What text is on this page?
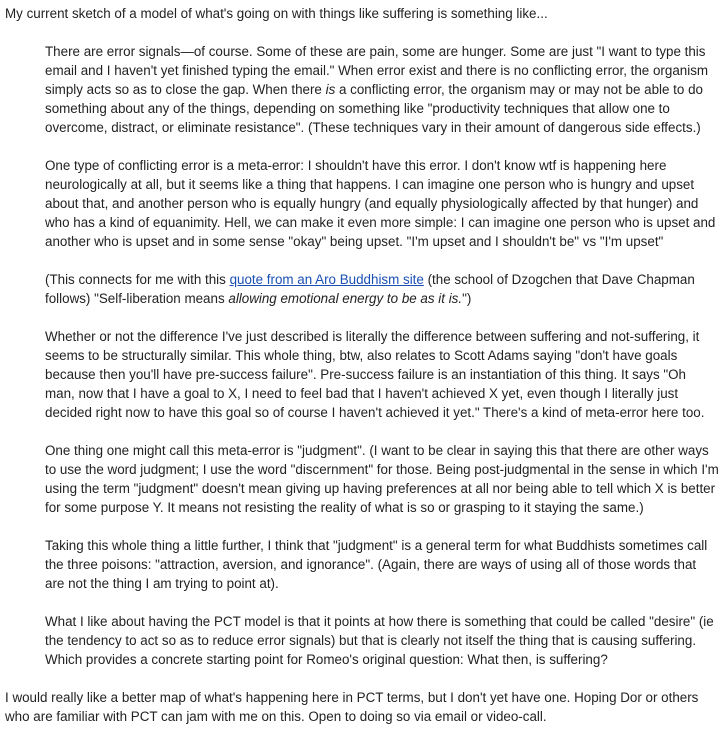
My current sketch of a model of what's going on with things like suffering is something like...

There are error signals—of course. Some of these are pain, some are hunger. Some are just "I want to type this email and I haven't yet finished typing the email." When error exist and there is no conflicting error, the organism simply acts so as to close the gap. When there is a conflicting error, the organism may or may not be able to do something about any of the things, depending on something like "productivity techniques that allow one to overcome, distract, or eliminate resistance". (These techniques vary in their amount of dangerous side effects.)

One type of conflicting error is a meta-error: I shouldn't have this error. I don't know wtf is happening here neurologically at all, but it seems like a thing that happens. I can imagine one person who is hungry and upset about that, and another person who is equally hungry (and equally physiologically affected by that hunger) and who has a kind of equanimity. Hell, we can make it even more simple: I can imagine one person who is upset and another who is upset and in some sense "okay" being upset. "I'm upset and I shouldn't be" vs "I'm upset"

(This connects for me with this quote from an Aro Buddhism site (the school of Dzogchen that Dave Chapman follows) "Self-liberation means allowing emotional energy to be as it is.")

Whether or not the difference I've just described is literally the difference between suffering and not-suffering, it seems to be structurally similar. This whole thing, btw, also relates to Scott Adams saying "don't have goals because then you'll have pre-success failure". Pre-success failure is an instantiation of this thing. It says "Oh man, now that I have a goal to X, I need to feel bad that I haven't achieved X yet, even though I literally just decided right now to have this goal so of course I haven't achieved it yet." There's a kind of meta-error here too.

One thing one might call this meta-error is "judgment". (I want to be clear in saying this that there are other ways to use the word judgment; I use the word "discernment" for those. Being post-judgmental in the sense in which I'm using the term "judgment" doesn't mean giving up having preferences at all nor being able to tell which X is better for some purpose Y. It means not resisting the reality of what is so or grasping to it staying the same.)

Taking this whole thing a little further, I think that "judgment" is a general term for what Buddhists sometimes call the three poisons: "attraction, aversion, and ignorance". (Again, there are ways of using all of those words that are not the thing I am trying to point at).

What I like about having the PCT model is that it points at how there is something that could be called "desire" (ie the tendency to act so as to reduce error signals) but that is clearly not itself the thing that is causing suffering. Which provides a concrete starting point for Romeo's original question: What then, is suffering?

I would really like a better map of what's happening here in PCT terms, but I don't yet have one. Hoping Dor or others who are familiar with PCT can jam with me on this. Open to doing so via email or video-call.
